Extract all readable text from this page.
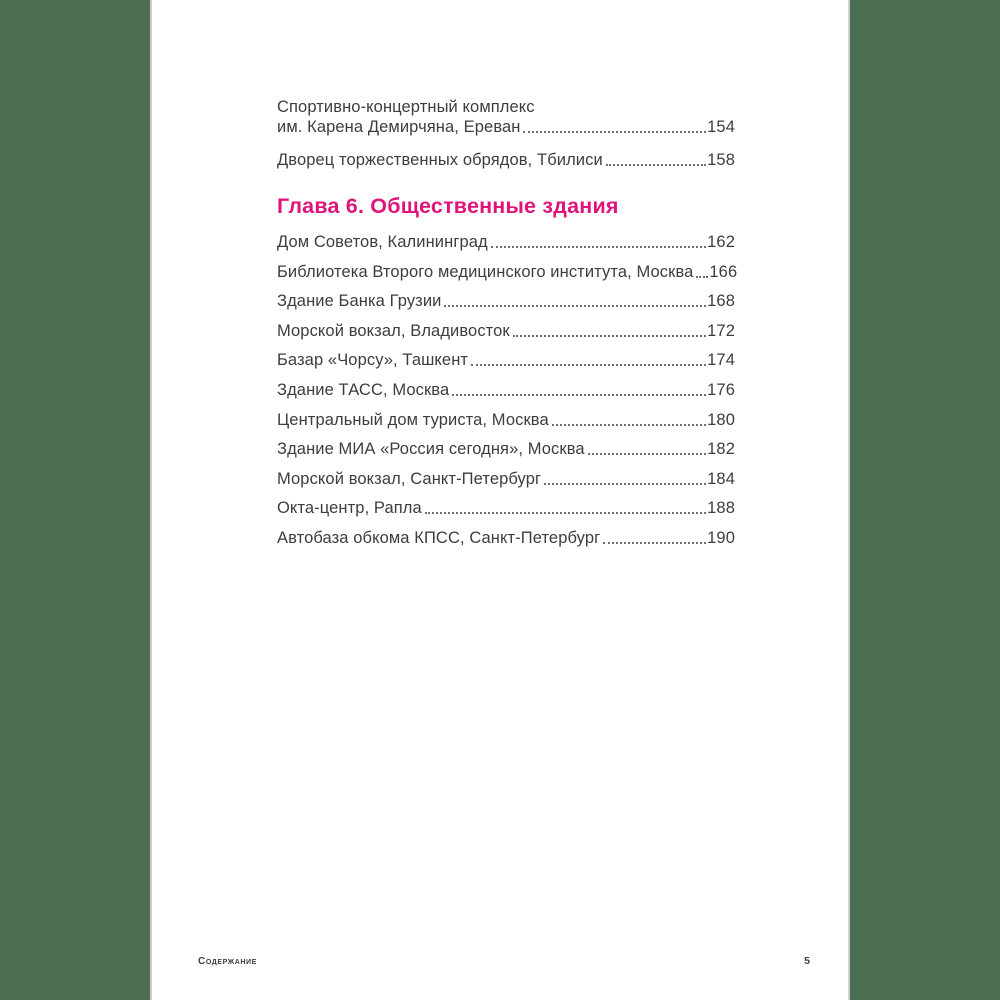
Спортивно-концертный комплекс
им. Карена Демирчяна, Ереван	154
Дворец торжественных обрядов, Тбилиси	158
Глава 6. Общественные здания
Дом Советов, Калининград	162
Библиотека Второго медицинского института, Москва 166
Здание Банка Грузии	168
Морской вокзал, Владивосток	172
Базар «Чорсу», Ташкент	174
Здание ТАСС, Москва	176
Центральный дом туриста, Москва	180
Здание МИА «Россия сегодня», Москва	182
Морской вокзал, Санкт-Петербург	184
Окта-центр, Рапла	188
Автобаза обкома КПСС, Санкт-Петербург	190
Содержание	5
